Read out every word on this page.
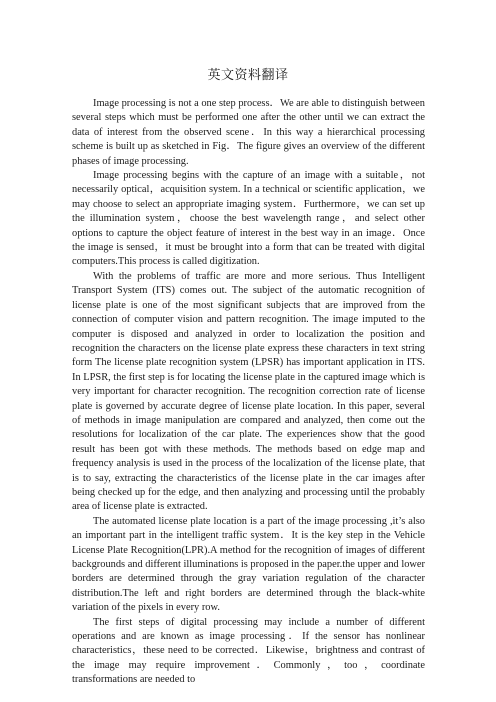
英文资料翻译

Image processing is not a one step process．We are able to distinguish between several steps which must be performed one after the other until we can extract the data of interest from the observed scene．In this way a hierarchical processing scheme is built up as sketched in Fig．The figure gives an overview of the different phases of image processing.

Image processing begins with the capture of an image with a suitable，not necessarily optical，acquisition system. In a technical or scientific application，we may choose to select an appropriate imaging system．Furthermore，we can set up the illumination system，choose the best wavelength range，and select other options to capture the object feature of interest in the best way in an image．Once the image is sensed，it must be brought into a form that can be treated with digital computers.This process is called digitization.

With the problems of traffic are more and more serious. Thus Intelligent Transport System (ITS) comes out. The subject of the automatic recognition of license plate is one of the most significant subjects that are improved from the connection of computer vision and pattern recognition. The image imputed to the computer is disposed and analyzed in order to localization the position and recognition the characters on the license plate express these characters in text string form The license plate recognition system (LPSR) has important application in ITS. In LPSR, the first step is for locating the license plate in the captured image which is very important for character recognition. The recognition correction rate of license plate is governed by accurate degree of license plate location. In this paper, several of methods in image manipulation are compared and analyzed, then come out the resolutions for localization of the car plate. The experiences show that the good result has been got with these methods. The methods based on edge map and frequency analysis is used in the process of the localization of the license plate, that is to say, extracting the characteristics of the license plate in the car images after being checked up for the edge, and then analyzing and processing until the probably area of license plate is extracted.

The automated license plate location is a part of the image processing ,it’s also an important part in the intelligent traffic system．It is the key step in the Vehicle License Plate Recognition(LPR).A method for the recognition of images of different backgrounds and different illuminations is proposed in the paper.the upper and lower borders are determined through the gray variation regulation of the character distribution.The left and right borders are determined through the black-white variation of the pixels in every row.

The first steps of digital processing may include a number of different operations and are known as image processing．If the sensor has nonlinear characteristics，these need to be corrected．Likewise，brightness and contrast of the image may require improvement．Commonly，too，coordinate transformations are needed to
